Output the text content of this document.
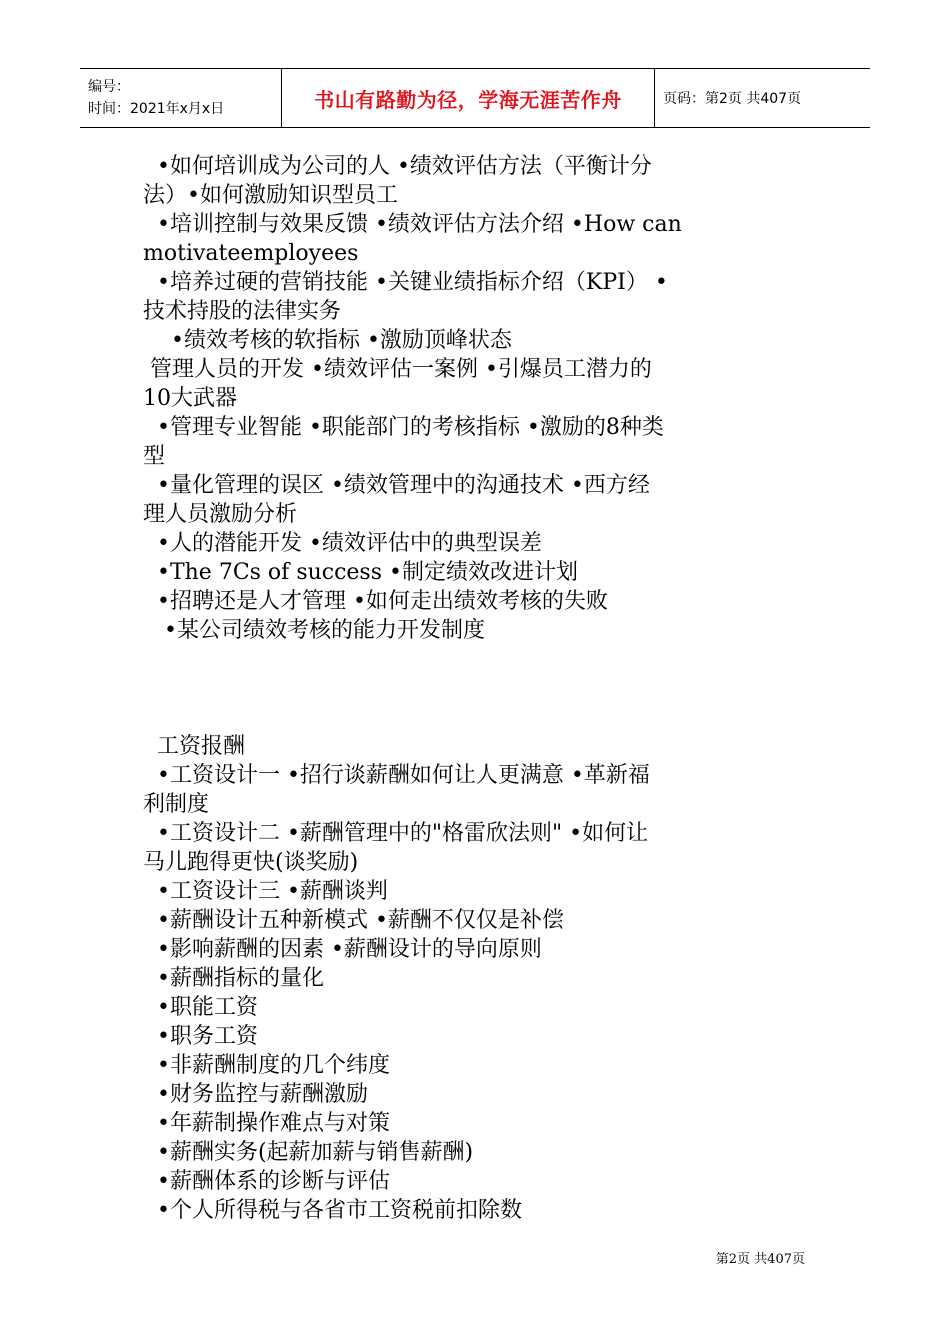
编号：
时间：2021年x月x日	书山有路勤为径，学海无涯苦作舟	页码：第2页 共407页
•如何培训成为公司的人 •绩效评估方法（平衡计分
法）•如何激励知识型员工
•培训控制与效果反馈 •绩效评估方法介绍 •How can
motivateemployees
•培养过硬的营销技能 •关键业绩指标介绍（KPI） •
技术持股的法律实务
•绩效考核的软指标 •激励顶峰状态
管理人员的开发 •绩效评估一案例 •引爆员工潜力的
10大武器
•管理专业智能 •职能部门的考核指标 •激励的8种类
型
•量化管理的误区 •绩效管理中的沟通技术 •西方经
理人员激励分析
•人的潜能开发 •绩效评估中的典型误差
•The 7Cs of success •制定绩效改进计划
•招聘还是人才管理 •如何走出绩效考核的失败
•某公司绩效考核的能力开发制度

工资报酬
•工资设计一 •招行谈薪酬如何让人更满意 •革新福
利制度
•工资设计二 •薪酬管理中的"格雷欣法则" •如何让
马儿跑得更快(谈奖励)
•工资设计三 •薪酬谈判
•薪酬设计五种新模式 •薪酬不仅仅是补偿
•影响薪酬的因素 •薪酬设计的导向原则
•薪酬指标的量化
•职能工资
•职务工资
•非薪酬制度的几个纬度
•财务监控与薪酬激励
•年薪制操作难点与对策
•薪酬实务(起薪加薪与销售薪酬)
•薪酬体系的诊断与评估
•个人所得税与各省市工资税前扣除数
第2页 共407页
